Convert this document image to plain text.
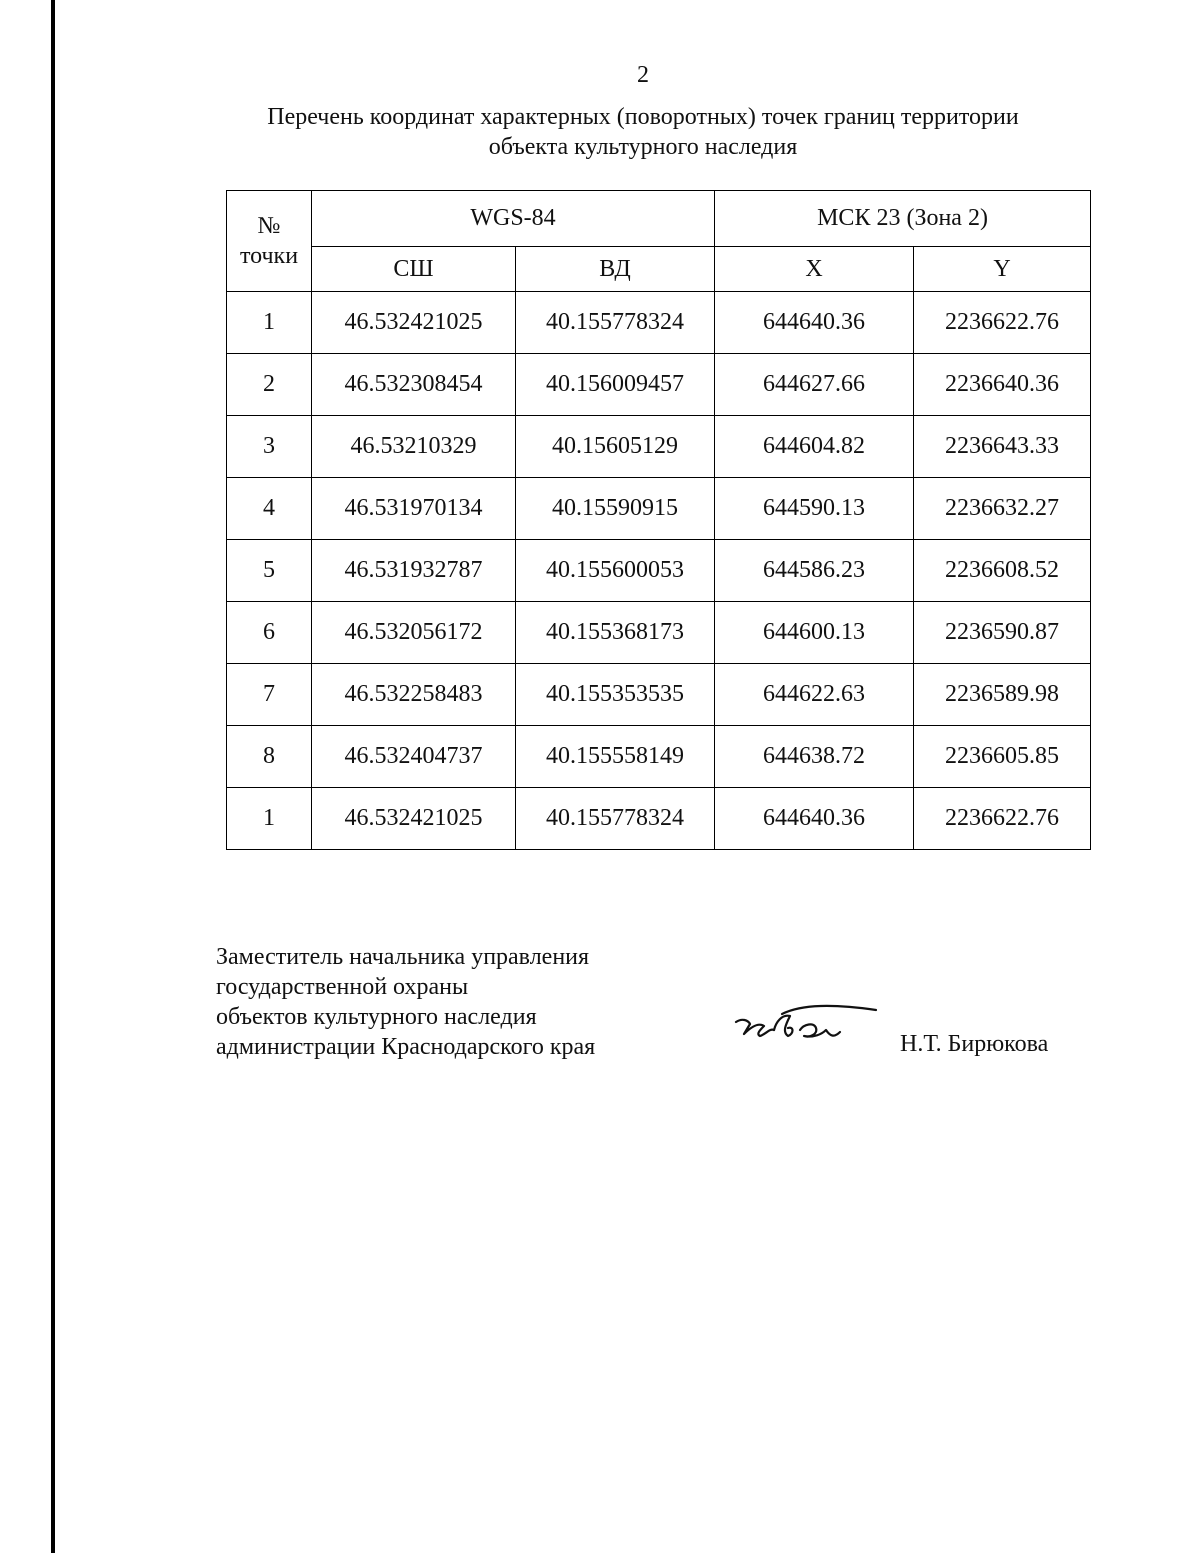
2
Перечень координат характерных (поворотных) точек границ территории
объекта культурного наследия
№
точки	WGS-84		МСК 23 (Зона 2)	
	СШ	ВД	X	Y
1	46.532421025	40.155778324	644640.36	2236622.76
2	46.532308454	40.156009457	644627.66	2236640.36
3	46.53210329	40.15605129	644604.82	2236643.33
4	46.531970134	40.15590915	644590.13	2236632.27
5	46.531932787	40.155600053	644586.23	2236608.52
6	46.532056172	40.155368173	644600.13	2236590.87
7	46.532258483	40.155353535	644622.63	2236589.98
8	46.532404737	40.155558149	644638.72	2236605.85
1	46.532421025	40.155778324	644640.36	2236622.76
Заместитель начальника управления
государственной охраны
объектов культурного наследия
администрации Краснодарского края	Н.Т. Бирюкова
